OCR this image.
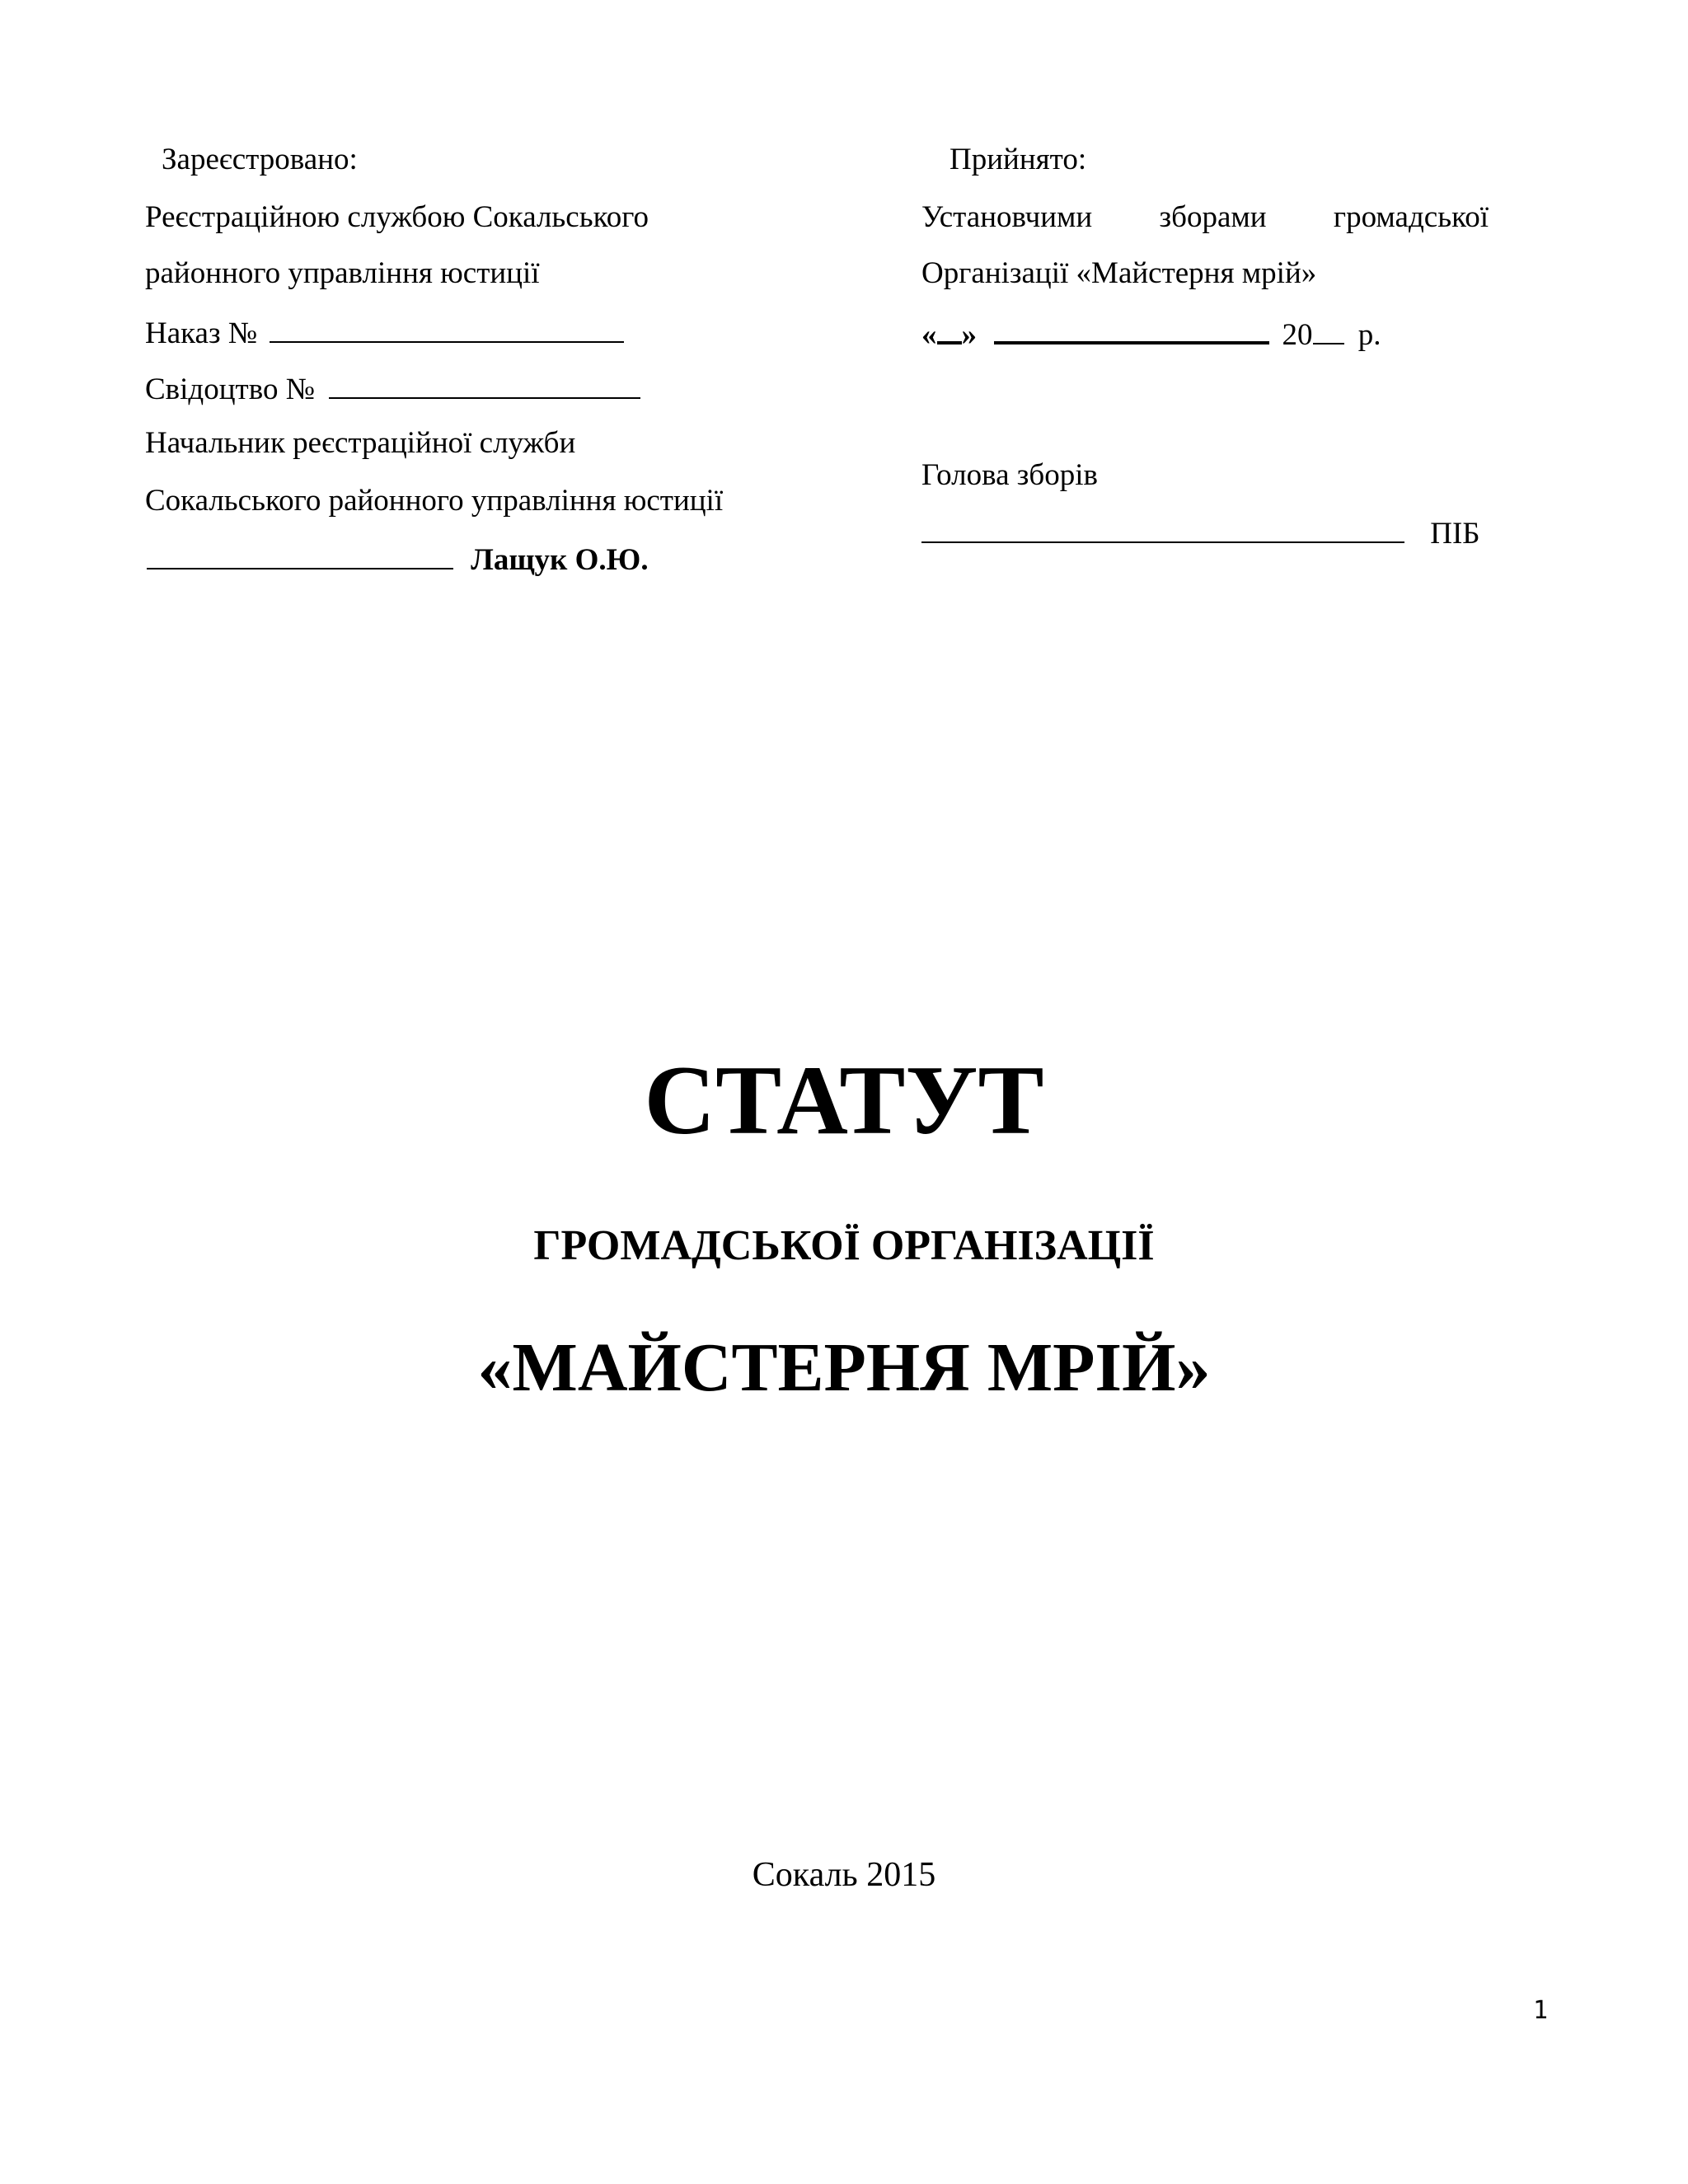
Зареєстровано:
Реєстраційною службою Сокальського
районного управління юстиції
Наказ №
Свідоцтво №
Начальник реєстраційної служби
Сокальського районного управління юстиції
Лащук О.Ю.
Прийнято:
Установчими зборами громадської
Організації «Майстерня мрій»
« »	20 р.
Голова зборів
ПІБ
СТАТУТ
ГРОМАДСЬКОЇ ОРГАНІЗАЦІЇ
«МАЙСТЕРНЯ МРІЙ»
Сокаль 2015
1
